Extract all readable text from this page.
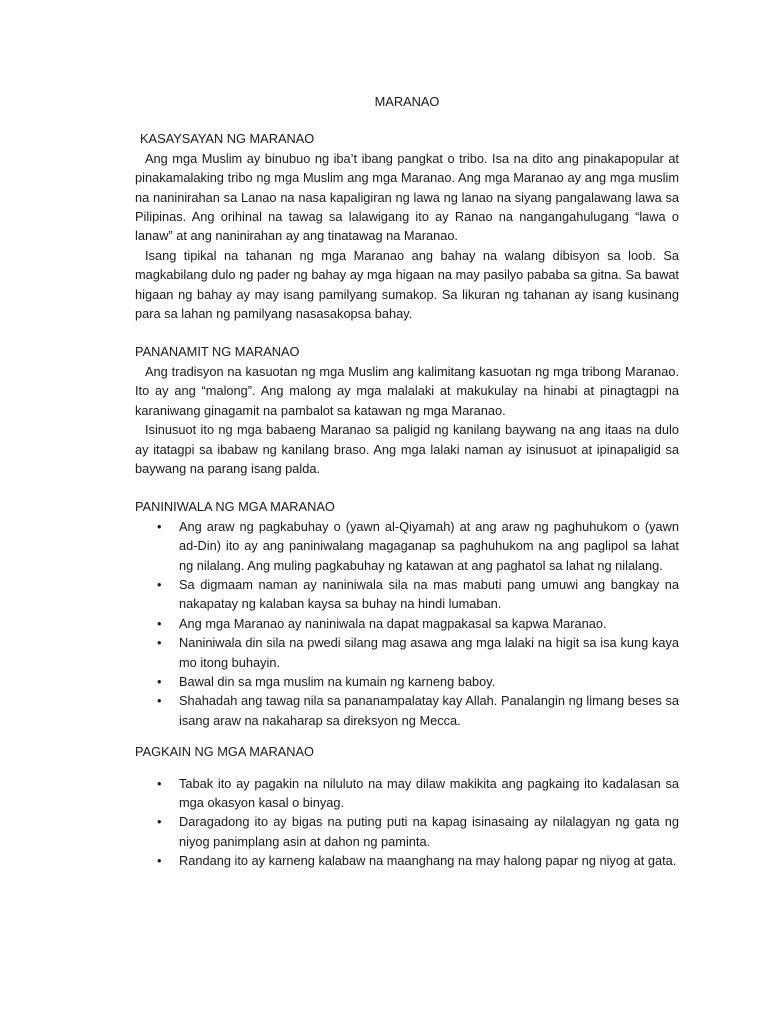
MARANAO
KASAYSAYAN NG MARANAO

Ang mga Muslim ay binubuo ng iba’t ibang pangkat o tribo. Isa na dito ang pinakapopular at pinakamalaking tribo ng mga Muslim ang mga Maranao. Ang mga Maranao ay ang mga muslim na naninirahan sa Lanao na nasa kapaligiran ng lawa ng lanao na siyang pangalawang lawa sa Pilipinas. Ang orihinal na tawag sa lalawigang ito ay Ranao na nangangahulugang “lawa o lanaw” at ang naninirahan ay ang tinatawag na Maranao.

Isang tipikal na tahanan ng mga Maranao ang bahay na walang dibisyon sa loob. Sa magkabilang dulo ng pader ng bahay ay mga higaan na may pasilyo pababa sa gitna. Sa bawat higaan ng bahay ay may isang pamilyang sumakop. Sa likuran ng tahanan ay isang kusinang para sa lahan ng pamilyang nasasakopsa bahay.

PANANAMIT NG MARANAO

Ang tradisyon na kasuotan ng mga Muslim ang kalimitang kasuotan ng mga tribong Maranao. Ito ay ang “malong”. Ang malong ay mga malalaki at makukulay na hinabi at pinagtagpi na karaniwang ginagamit na pambalot sa katawan ng mga Maranao.

Isinusuot ito ng mga babaeng Maranao sa paligid ng kanilang baywang na ang itaas na dulo ay itatagpi sa ibabaw ng kanilang braso. Ang mga lalaki naman ay isinusuot at ipinapaligid sa baywang na parang isang palda.

PANINIWALA NG MGA MARANAO
• Ang araw ng pagkabuhay o (yawn al-Qiyamah) at ang araw ng paghuhukom o (yawn ad-Din) ito ay ang paniniwalang magaganap sa paghuhukom na ang paglipol sa lahat ng nilalang. Ang muling pagkabuhay ng katawan at ang paghatol sa lahat ng nilalang.
• Sa digmaam naman ay naniniwala sila na mas mabuti pang umuwi ang bangkay na nakapatay ng kalaban kaysa sa buhay na hindi lumaban.
• Ang mga Maranao ay naniniwala na dapat magpakasal sa kapwa Maranao.
• Naniniwala din sila na pwedi silang mag asawa ang mga lalaki na higit sa isa kung kaya mo itong buhayin.
• Bawal din sa mga muslim na kumain ng karneng baboy.
• Shahadah ang tawag nila sa pananampalatay kay Allah. Panalangin ng limang beses sa isang araw na nakaharap sa direksyon ng Mecca.
PAGKAIN NG MGA MARANAO
• Tabak ito ay pagakin na niluluto na may dilaw makikita ang pagkaing ito kadalasan sa mga okasyon kasal o binyag.
• Daragadong ito ay bigas na puting puti na kapag isinasaing ay nilalagyan ng gata ng niyog panimplang asin at dahon ng paminta.
• Randang ito ay karneng kalabaw na maanghang na may halong papar ng niyog at gata.
